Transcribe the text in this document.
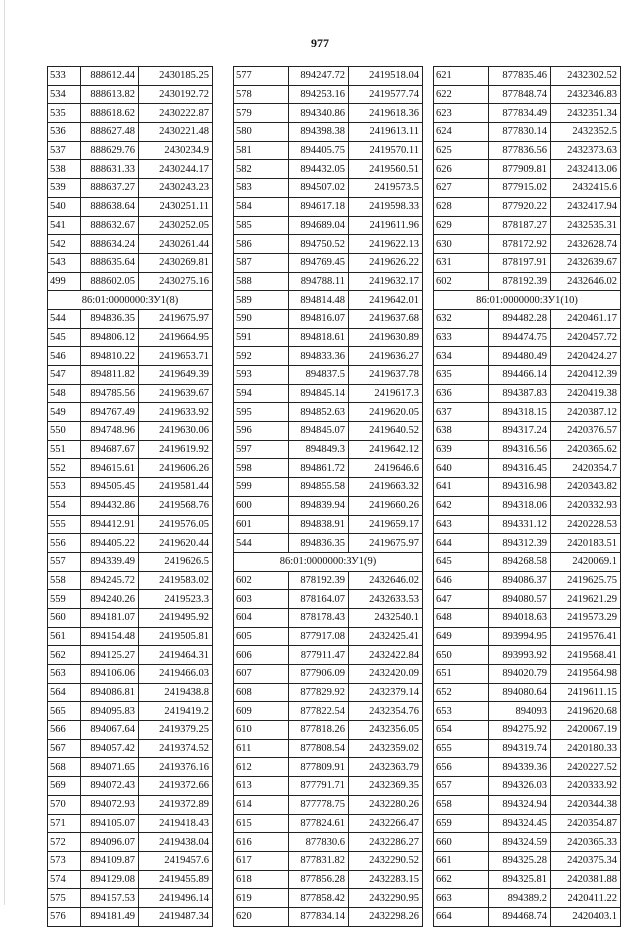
977
533	888612.44	2430185.25
534	888613.82	2430192.72
535	888618.62	2430222.87
536	888627.48	2430221.48
537	888629.76	2430234.9
538	888631.33	2430244.17
539	888637.27	2430243.23
540	888638.64	2430251.11
541	888632.67	2430252.05
542	888634.24	2430261.44
543	888635.64	2430269.81
499	888602.05	2430275.16
86:01:0000000:ЗУ1(8)		
544	894836.35	2419675.97
545	894806.12	2419664.95
546	894810.22	2419653.71
547	894811.82	2419649.39
548	894785.56	2419639.67
549	894767.49	2419633.92
550	894748.96	2419630.06
551	894687.67	2419619.92
552	894615.61	2419606.26
553	894505.45	2419581.44
554	894432.86	2419568.76
555	894412.91	2419576.05
556	894405.22	2419620.44
557	894339.49	2419626.5
558	894245.72	2419583.02
559	894240.26	2419523.3
560	894181.07	2419495.92
561	894154.48	2419505.81
562	894125.27	2419464.31
563	894106.06	2419466.03
564	894086.81	2419438.8
565	894095.83	2419419.2
566	894067.64	2419379.25
567	894057.42	2419374.52
568	894071.65	2419376.16
569	894072.43	2419372.66
570	894072.93	2419372.89
571	894105.07	2419418.43
572	894096.07	2419438.04
573	894109.87	2419457.6
574	894129.08	2419455.89
575	894157.53	2419496.14
576	894181.49	2419487.34
577	894247.72	2419518.04
578	894253.16	2419577.74
579	894340.86	2419618.36
580	894398.38	2419613.11
581	894405.75	2419570.11
582	894432.05	2419560.51
583	894507.02	2419573.5
584	894617.18	2419598.33
585	894689.04	2419611.96
586	894750.52	2419622.13
587	894769.45	2419626.22
588	894788.11	2419632.17
589	894814.48	2419642.01
590	894816.07	2419637.68
591	894818.61	2419630.89
592	894833.36	2419636.27
593	894837.5	2419637.78
594	894845.14	2419617.3
595	894852.63	2419620.05
596	894845.07	2419640.52
597	894849.3	2419642.12
598	894861.72	2419646.6
599	894855.58	2419663.32
600	894839.94	2419660.26
601	894838.91	2419659.17
544	894836.35	2419675.97
86:01:0000000:ЗУ1(9)		
602	878192.39	2432646.02
603	878164.07	2432633.53
604	878178.43	2432540.1
605	877917.08	2432425.41
606	877911.47	2432422.84
607	877906.09	2432420.09
608	877829.92	2432379.14
609	877822.54	2432354.76
610	877818.26	2432356.05
611	877808.54	2432359.02
612	877809.91	2432363.79
613	877791.71	2432369.35
614	877778.75	2432280.26
615	877824.61	2432266.47
616	877830.6	2432286.27
617	877831.82	2432290.52
618	877856.28	2432283.15
619	877858.42	2432290.95
620	877834.14	2432298.26
621	877835.46	2432302.52
622	877848.74	2432346.83
623	877834.49	2432351.34
624	877830.14	2432352.5
625	877836.56	2432373.63
626	877909.81	2432413.06
627	877915.02	2432415.6
628	877920.22	2432417.94
629	878187.27	2432535.31
630	878172.92	2432628.74
631	878197.91	2432639.67
602	878192.39	2432646.02
86:01:0000000:ЗУ1(10)		
632	894482.28	2420461.17
633	894474.75	2420457.72
634	894480.49	2420424.27
635	894466.14	2420412.39
636	894387.83	2420419.38
637	894318.15	2420387.12
638	894317.24	2420376.57
639	894316.56	2420365.62
640	894316.45	2420354.7
641	894316.98	2420343.82
642	894318.06	2420332.93
643	894331.12	2420228.53
644	894312.39	2420183.51
645	894268.58	2420069.1
646	894086.37	2419625.75
647	894080.57	2419621.29
648	894018.63	2419573.29
649	893994.95	2419576.41
650	893993.92	2419568.41
651	894020.79	2419564.98
652	894080.64	2419611.15
653	894093	2419620.68
654	894275.92	2420067.19
655	894319.74	2420180.33
656	894339.36	2420227.52
657	894326.03	2420333.92
658	894324.94	2420344.38
659	894324.45	2420354.87
660	894324.59	2420365.33
661	894325.28	2420375.34
662	894325.81	2420381.88
663	894389.2	2420411.22
664	894468.74	2420403.1
